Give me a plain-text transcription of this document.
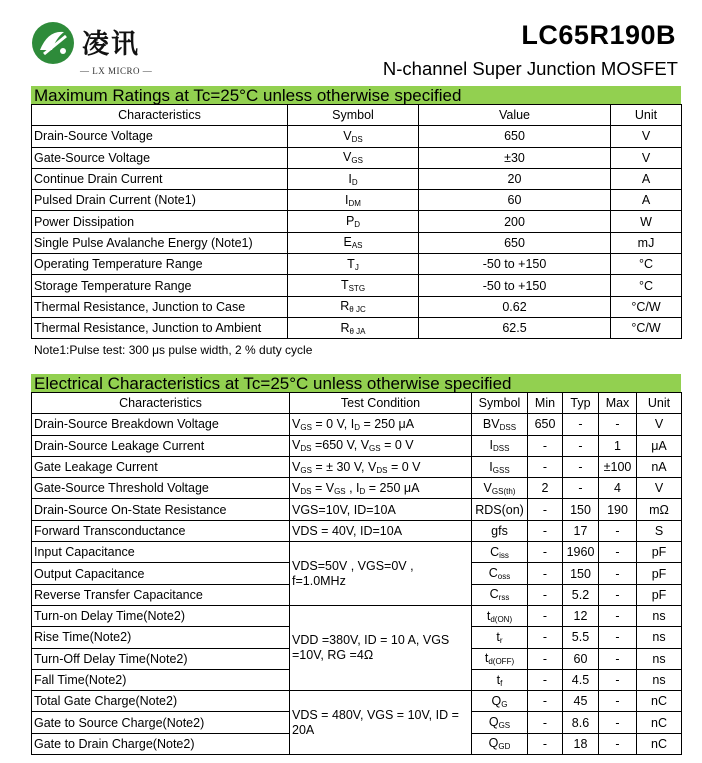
凌讯
— LX MICRO —
LC65R190B
N-channel Super Junction MOSFET
Maximum Ratings at Tc=25°C unless otherwise specified
Characteristics	Symbol	Value	Unit
Drain-Source Voltage	$V_{DS}$	650	V
Gate-Source Voltage	$V_{GS}$	±30	V
Continue Drain Current	$I_D$	20	A
Pulsed Drain Current (Note1)	$I_{DM}$	60	A
Power Dissipation	$P_D$	200	W
Single Pulse Avalanche Energy (Note1)	$E_{AS}$	650	mJ
Operating Temperature Range	$T_J$	-50 to +150	°C
Storage Temperature Range	$T_{STG}$	-50 to +150	°C
Thermal Resistance, Junction to Case	$R_{\theta JC}$	0.62	°C/W
Thermal Resistance, Junction to Ambient	$R_{\theta JA}$	62.5	°C/W
Note1:Pulse test: 300 μs pulse width, 2 % duty cycle
Electrical Characteristics at Tc=25°C unless otherwise specified
Characteristics	Test Condition	Symbol	Min	Typ	Max	Unit
Drain-Source Breakdown Voltage	$V_{GS} = 0$ V, $I_D = 250$ μA	$BV_{DSS}$	650	-	-	V
Drain-Source Leakage Current	$V_{DS} =650$ V, $V_{GS} = 0$ V	$I_{DSS}$	-	-	1	μA
Gate Leakage Current	$V_{GS}$ = ± 30 V, $V_{DS} = 0$ V	$I_{GSS}$	-	-	±100	nA
Gate-Source Threshold Voltage	$V_{DS} = V_{GS}$ , $I_D = 250$ μA	$V_{GS(th)}$	2	-	4	V
Drain-Source On-State Resistance	VGS=10V, ID=10A	RDS(on)	-	150	190	mΩ
Forward Transconductance	VDS = 40V, ID=10A	gfs	-	17	-	S
Input Capacitance	VDS=50V , VGS=0V , f=1.0MHz	$C_{iss}$	-	1960	-	pF
Output Capacitance		$C_{oss}$	-	150	-	pF
Reverse Transfer Capacitance		$C_{rss}$	-	5.2	-	pF
Turn-on Delay Time(Note2)	VDD =380V, ID = 10 A, VGS =10V, RG =4Ω	$t_{d(ON)}$	-	12	-	ns
Rise Time(Note2)		$t_r$	-	5.5	-	ns
Turn-Off Delay Time(Note2)		$t_{d(OFF)}$	-	60	-	ns
Fall Time(Note2)		$t_f$	-	4.5	-	ns
Total Gate Charge(Note2)	VDS = 480V, VGS = 10V, ID = 20A	$Q_G$	-	45	-	nC
Gate to Source Charge(Note2)		$Q_{GS}$	-	8.6	-	nC
Gate to Drain Charge(Note2)		$Q_{GD}$	-	18	-	nC
